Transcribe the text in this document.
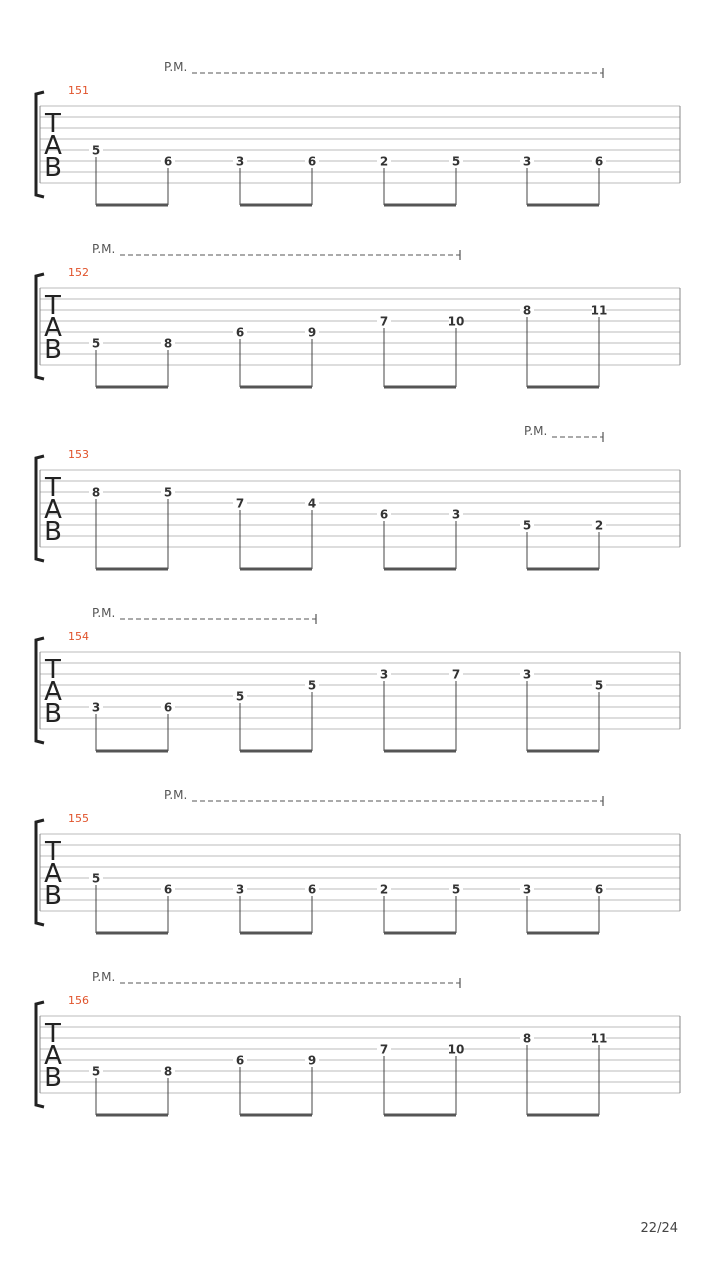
P.M.
151
T
A
B
5
6	3	6	2	5	3	6
P.M.
152
T
A
B 5	8
6	9
7	10
8	11
P.M.
153
T
A
B
8	5
7	4
6	3
5	2
P.M.
154
T
A
B 3	6
5
5
3	7	3
5
P.M.
155
T
A
B
5
6	3	6	2	5	3	6
P.M.
156
T
A
B 5	8
6	9
7	10
8	11
22/24
